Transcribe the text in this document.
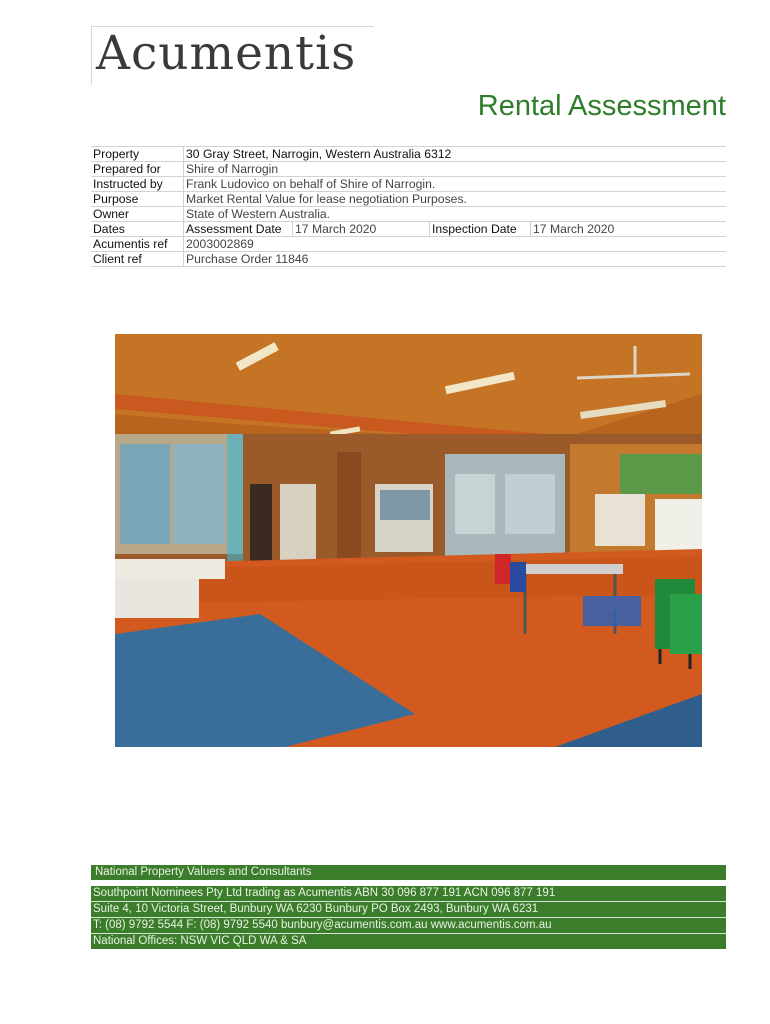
Acumentis
Rental Assessment
Property	30 Gray Street, Narrogin, Western Australia 6312			
Prepared for	Shire of Narrogin			
Instructed by	Frank Ludovico on behalf of Shire of Narrogin.			
Purpose	Market Rental Value for lease negotiation Purposes.			
Owner	State of Western Australia.			
Dates	Assessment Date	17 March 2020	Inspection Date	17 March 2020
Acumentis ref	2003002869			
Client ref	Purchase Order 11846			
National Property Valuers and Consultants
Southpoint Nominees Pty Ltd trading as Acumentis ABN 30 096 877 191 ACN 096 877 191
Suite 4, 10 Victoria Street, Bunbury WA 6230 Bunbury PO Box 2493, Bunbury WA 6231
T: (08) 9792 5544 F: (08) 9792 5540 bunbury@acumentis.com.au www.acumentis.com.au
National Offices: NSW VIC QLD WA & SA
